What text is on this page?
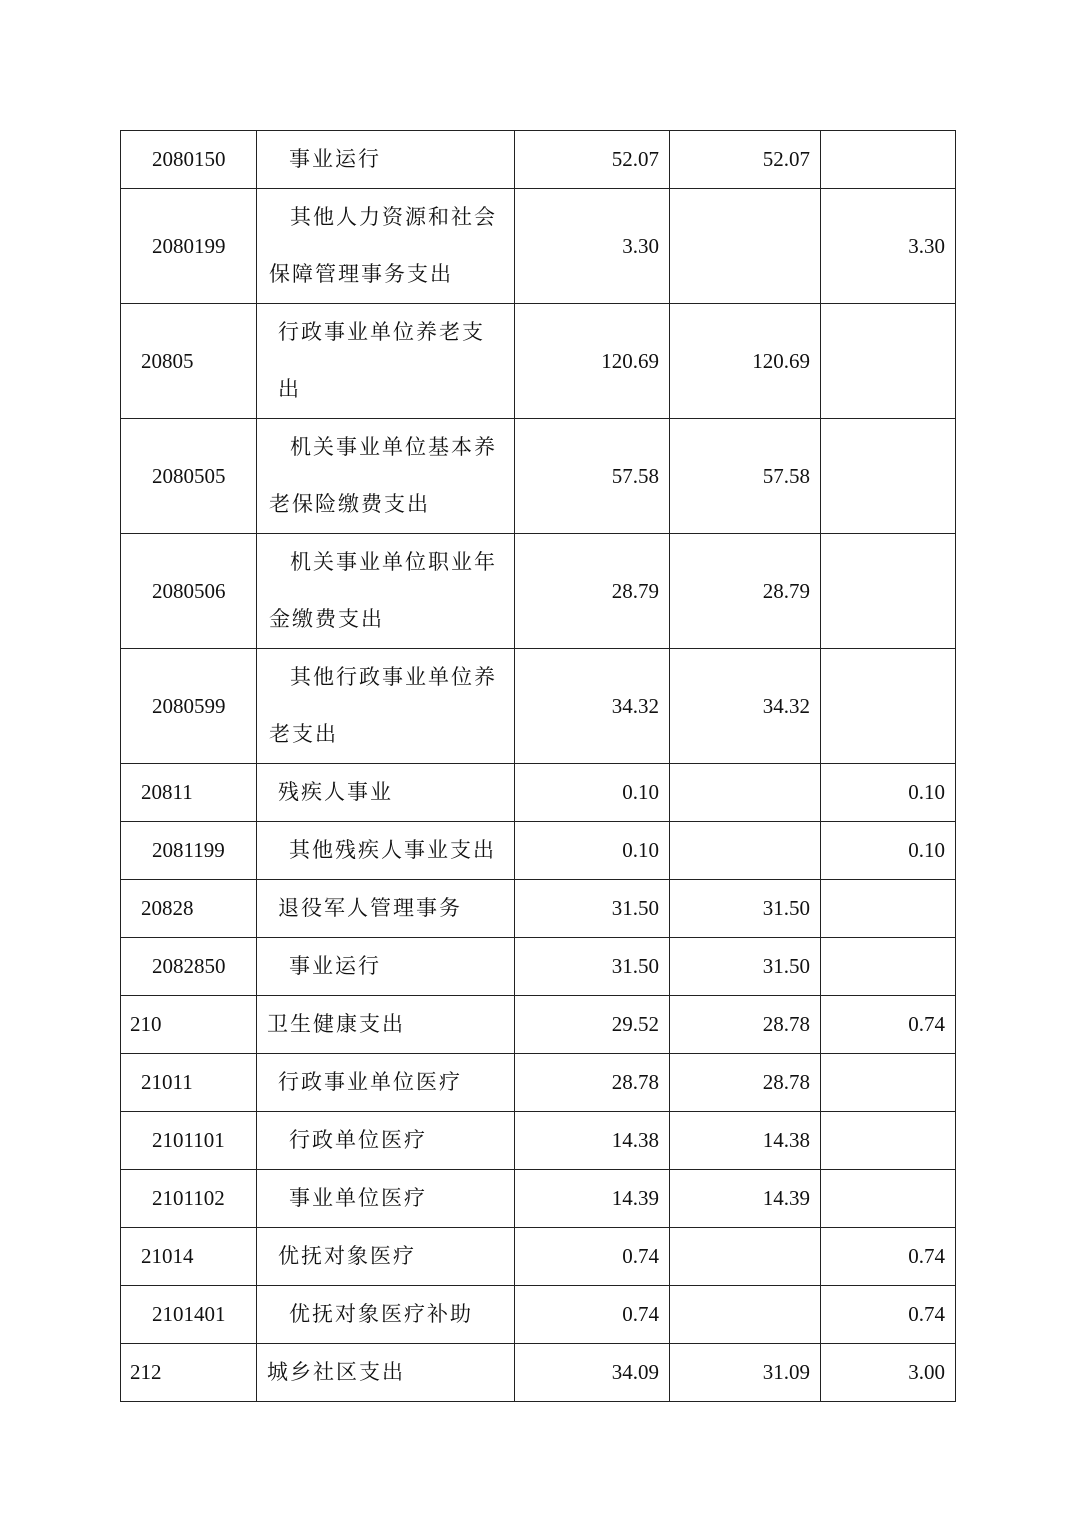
2080150	事业运行	52.07	52.07	
2080199	其他人力资源和社会保障管理事务支出	3.30		3.30
20805	行政事业单位养老支出	120.69	120.69	
2080505	机关事业单位基本养老保险缴费支出	57.58	57.58	
2080506	机关事业单位职业年金缴费支出	28.79	28.79	
2080599	其他行政事业单位养老支出	34.32	34.32	
20811	残疾人事业	0.10		0.10
2081199	其他残疾人事业支出	0.10		0.10
20828	退役军人管理事务	31.50	31.50	
2082850	事业运行	31.50	31.50	
210	卫生健康支出	29.52	28.78	0.74
21011	行政事业单位医疗	28.78	28.78	
2101101	行政单位医疗	14.38	14.38	
2101102	事业单位医疗	14.39	14.39	
21014	优抚对象医疗	0.74		0.74
2101401	优抚对象医疗补助	0.74		0.74
212	城乡社区支出	34.09	31.09	3.00
